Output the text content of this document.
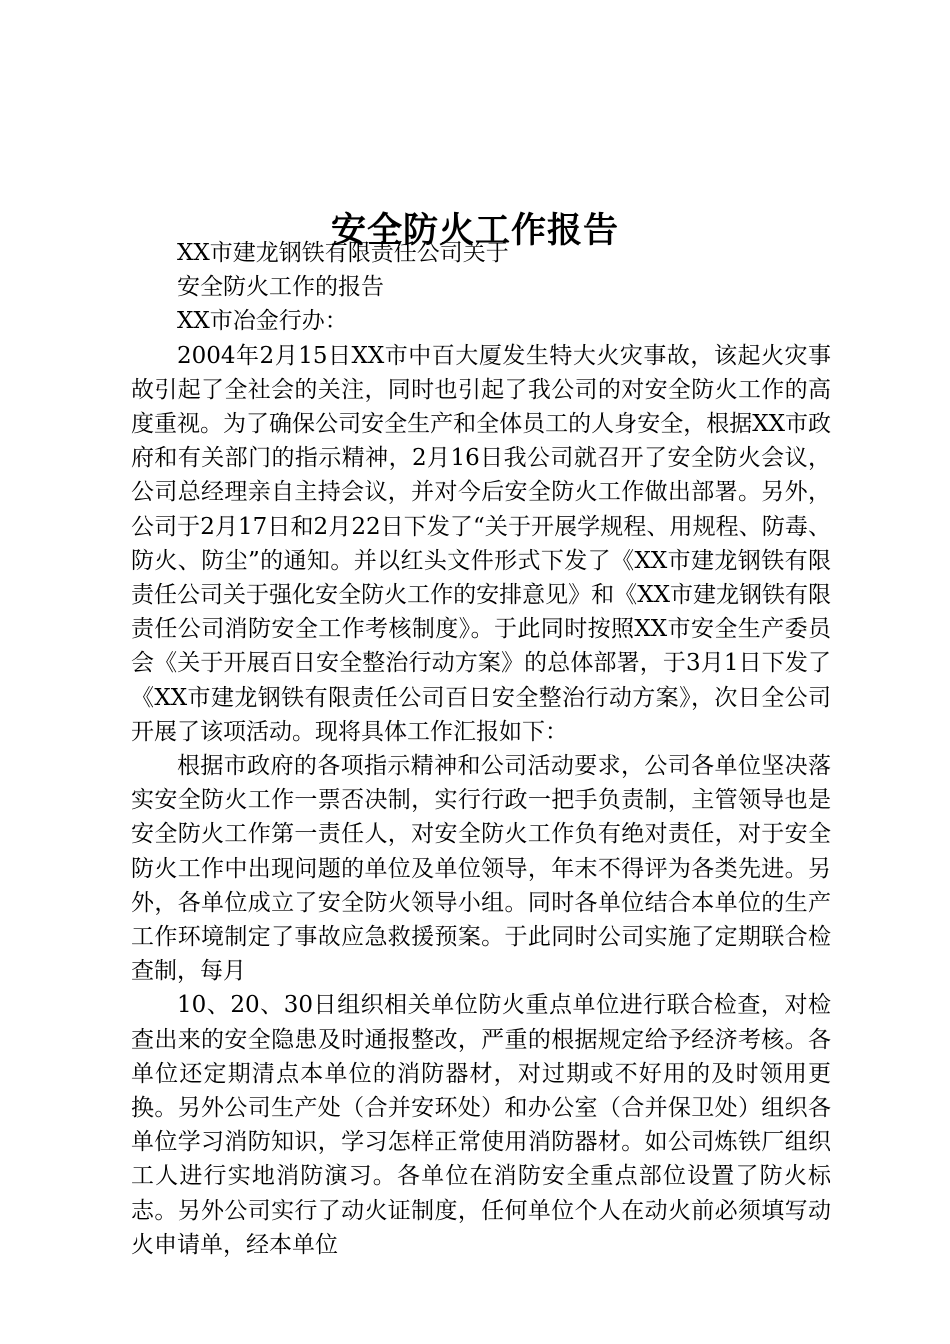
安全防火工作报告

XX市建龙钢铁有限责任公司关于

安全防火工作的报告

XX市冶金行办：

2004年2月15日XX市中百大厦发生特大火灾事故，该起火灾事故引起了全社会的关注，同时也引起了我公司的对安全防火工作的高度重视。为了确保公司安全生产和全体员工的人身安全，根据XX市政府和有关部门的指示精神，2月16日我公司就召开了安全防火会议，公司总经理亲自主持会议，并对今后安全防火工作做出部署。另外，公司于2月17日和2月22日下发了“关于开展学规程、用规程、防毒、防火、防尘”的通知。并以红头文件形式下发了《XX市建龙钢铁有限责任公司关于强化安全防火工作的安排意见》和《XX市建龙钢铁有限责任公司消防安全工作考核制度》。于此同时按照XX市安全生产委员会《关于开展百日安全整治行动方案》的总体部署，于3月1日下发了《XX市建龙钢铁有限责任公司百日安全整治行动方案》，次日全公司开展了该项活动。现将具体工作汇报如下：

根据市政府的各项指示精神和公司活动要求，公司各单位坚决落实安全防火工作一票否决制，实行行政一把手负责制，主管领导也是安全防火工作第一责任人，对安全防火工作负有绝对责任，对于安全防火工作中出现问题的单位及单位领导，年末不得评为各类先进。另外，各单位成立了安全防火领导小组。同时各单位结合本单位的生产工作环境制定了事故应急救援预案。于此同时公司实施了定期联合检查制，每月

10、20、30日组织相关单位防火重点单位进行联合检查，对检查出来的安全隐患及时通报整改，严重的根据规定给予经济考核。各单位还定期清点本单位的消防器材，对过期或不好用的及时领用更换。另外公司生产处（合并安环处）和办公室（合并保卫处）组织各单位学习消防知识，学习怎样正常使用消防器材。如公司炼铁厂组织工人进行实地消防演习。各单位在消防安全重点部位设置了防火标志。另外公司实行了动火证制度，任何单位个人在动火前必须填写动火申请单，经本单位
